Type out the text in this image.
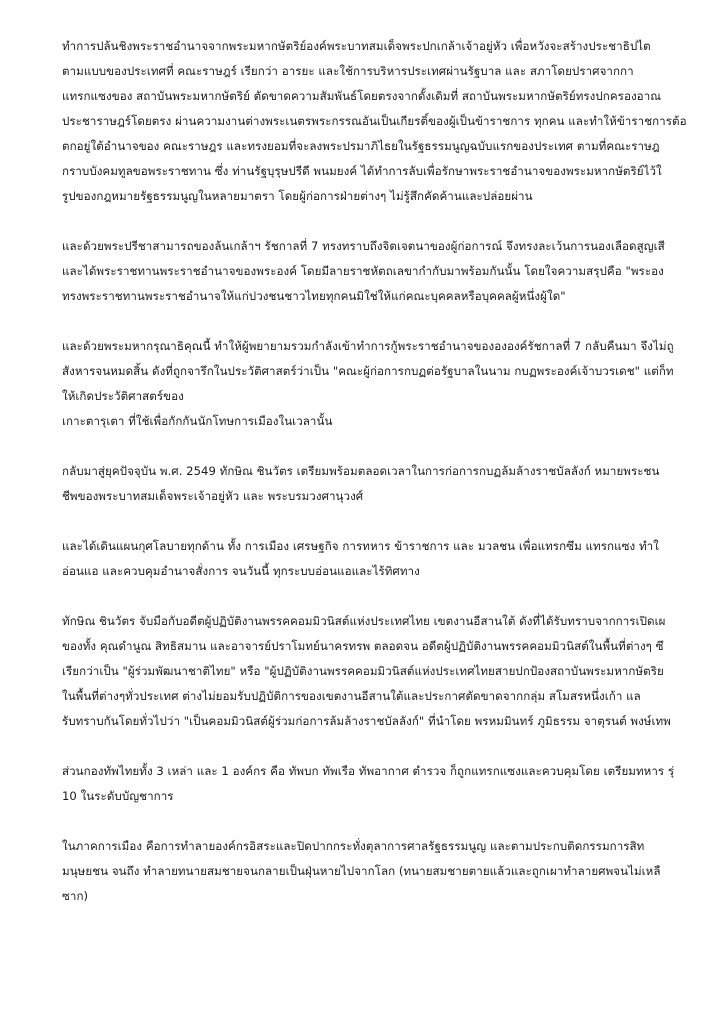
ทำการปล้นชิงพระราชอำนาจจากพระมหากษัตริย์องค์พระบาทสมเด็จพระปกเกล้าเจ้าอยู่หัว เพื่อหวังจะสร้างประชาธิปไต
ตามแบบของประเทศที่ คณะราษฎร์ เรียกว่า อารยะ และใช้การบริหารประเทศผ่านรัฐบาล และ สภาโดยปราศจากกา
แทรกแซงของ สถาบันพระมหากษัตริย์ ตัดขาดความสัมพันธ์โดยตรงจากดั้งเดิมที่ สถาบันพระมหากษัตริย์ทรงปกครองอาณ
ประชาราษฎร์โดยตรง ผ่านความงานต่างพระเนตรพระกรรณอันเป็นเกียรติ์ของผู้เป็นข้าราชการ ทุกคน และทำให้ข้าราชการต้อ
ตกอยู่ใต้อำนาจของ คณะราษฎร และทรงยอมที่จะลงพระปรมาภิไธยในรัฐธรรมนูญฉบับแรกของประเทศ ตามที่คณะราษฎ
กราบบังคมทูลขอพระราชทาน ซึ่ง ท่านรัฐบุรุษปรีดี พนมยงค์ ได้ทำการลับเพื่อรักษาพระราชอำนาจของพระมหากษัตริย์ไว้ใ
รูปของกฎหมายรัฐธรรมนูญในหลายมาตรา โดยผู้ก่อการฝ่ายต่างๆ ไม่รู้สึกคัดค้านและปล่อยผ่าน
และด้วยพระปรีชาสามารถของล้นเกล้าฯ รัชกาลที่ 7 ทรงทราบถึงจิตเจตนาของผู้ก่อการณ์ จึงทรงละเว้นการนองเลือดสูญเสี
และได้พระราชทานพระราชอำนาจของพระองค์ โดยมีลายราชหัตถเลขากำกับมาพร้อมกันนั้น โดยใจความสรุปคือ "พระอง
ทรงพระราชทานพระราชอำนาจให้แก่ปวงชนชาวไทยทุกคนมิใช่ให้แก่คณะบุคคลหรือบุคคลผู้หนึ่งผู้ใด"
และด้วยพระมหากรุณาธิคุณนี้ ทำให้ผู้พยายามรวมกำลังเข้าทำการกู้พระราชอำนาจของององค์รัชกาลที่ 7 กลับคืนมา จึงไม่ถู
สังหารจนหมดสิ้น ดังที่ถูกจารึกในประวัติศาสตร์ว่าเป็น "คณะผู้ก่อการกบฏต่อรัฐบาลในนาม กบฏพระองค์เจ้าบวรเดช" แต่ก็ท
ให้เกิดประวัติศาสตร์ของ
เกาะตารุเตา ที่ใช้เพื่อกักกันนักโทษการเมืองในเวลานั้น
กลับมาสู่ยุคปัจจุบัน พ.ศ. 2549 ทักษิณ ชินวัตร เตรียมพร้อมตลอดเวลาในการก่อการกบฏล้มล้างราชบัลลังก์ หมายพระชน
ชีพของพระบาทสมเด็จพระเจ้าอยู่หัว และ พระบรมวงศานุวงศ์
และได้เดินแผนกุศโลบายทุกด้าน ทั้ง การเมือง เศรษฐกิจ การทหาร ข้าราชการ และ มวลชน เพื่อแทรกซึม แทรกแซง ทำใ
อ่อนแอ และควบคุมอำนาจสั่งการ จนวันนี้ ทุกระบบอ่อนแอและไร้ทิศทาง
ทักษิณ ชินวัตร จับมือกับอดีตผู้ปฏิบัติงานพรรคคอมมิวนิสต์แห่งประเทศไทย เขตงานอีสานใต้ ดังที่ได้รับทราบจากการเปิดเผ
ของทั้ง คุณดำนูณ สิทธิสมาน และอาจารย์ปราโมทย์นาครทรพ ตลอดจน อดีตผู้ปฏิบัติงานพรรคคอมมิวนิสต์ในพื้นที่ต่างๆ ซึ
เรียกว่าเป็น "ผู้ร่วมพัฒนาชาติไทย" หรือ "ผู้ปฏิบัติงานพรรคคอมมิวนิสต์แห่งประเทศไทยสายปกป้องสถาบันพระมหากษัตริย
ในพื้นที่ต่างๆทั่วประเทศ ต่างไม่ยอมรับปฏิบัติการของเขตงานอีสานใต้และประกาศตัดขาดจากกลุ่ม สโมสรหนึ่งเก้า แล
รับทราบกันโดยทั่วไปว่า "เป็นคอมมิวนิสต์ผู้ร่วมก่อการล้มล้างราชบัลลังก์" ที่นำโดย พรหมมินทร์ ภูมิธรรม จาตุรนต์ พงษ์เทพ
ส่วนกองทัพไทยทั้ง 3 เหล่า และ 1 องค์กร คือ ทัพบก ทัพเรือ ทัพอากาศ ตำรวจ ก็ถูกแทรกแซงและควบคุมโดย เตรียมทหาร รุ่
10 ในระดับบัญชาการ
ในภาคการเมือง คือการทำลายองค์กรอิสระและปิดปากกระทั่งตุลาการศาลรัฐธรรมนูญ และตามประกบติดกรรมการสิท
มนุษยชน จนถึง ทำลายทนายสมชายจนกลายเป็นฝุ่นหายไปจากโลก (ทนายสมชายตายแล้วและถูกเผาทำลายศพจนไม่เหลื
ซาก)
